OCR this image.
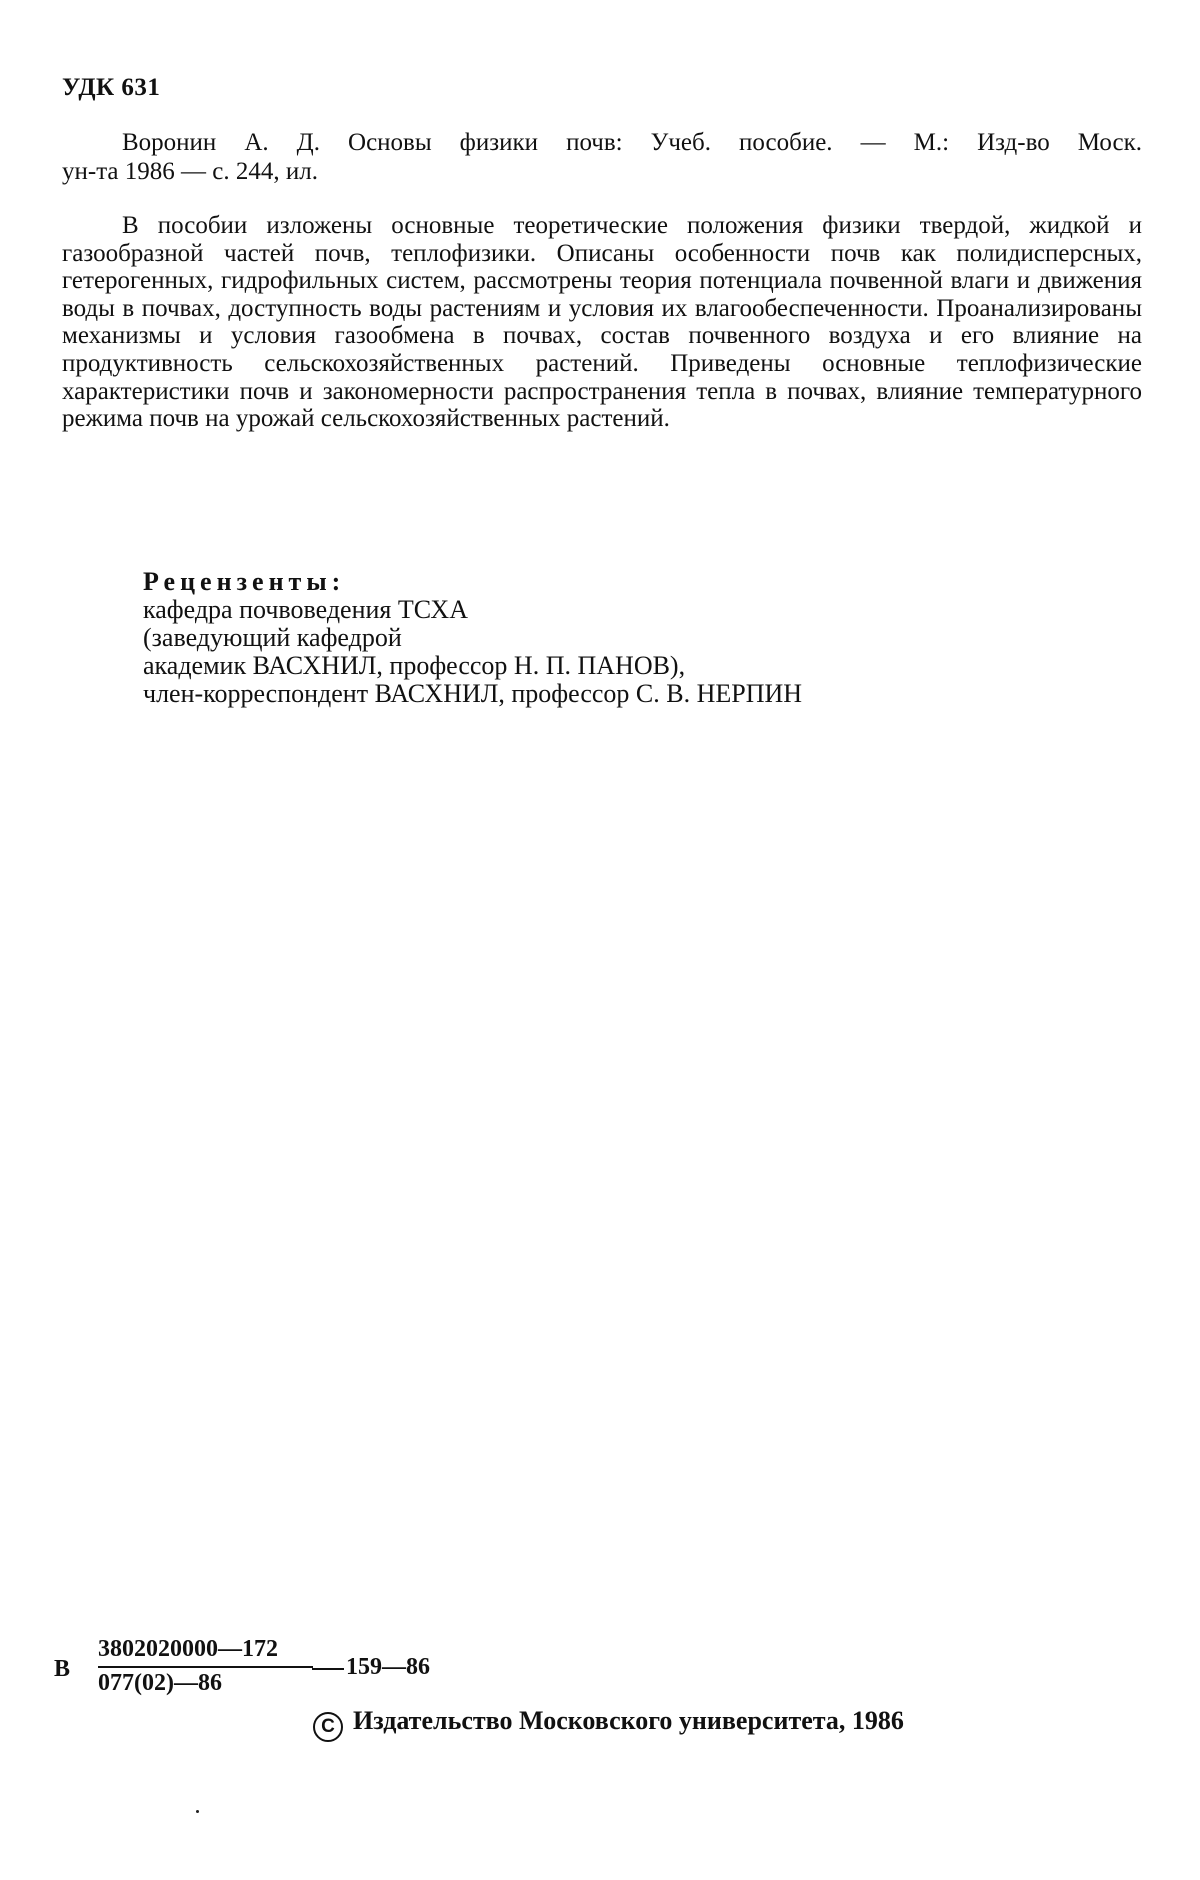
УДК 631
Воронин А. Д. Основы физики почв: Учеб. пособие. — М.: Изд-во Моск.
ун-та 1986 — с. 244, ил.

В пособии изложены основные теоретические положения физики твердой, жидкой и газообразной частей почв, теплофизики. Описаны особенности почв как полидисперсных, гетерогенных, гидрофильных систем, рассмотрены теория потенциала почвенной влаги и движения воды в почвах, доступность воды растениям и условия их влагообеспеченности. Проанализированы механизмы и условия газообмена в почвах, состав почвенного воздуха и его влияние на продуктивность сельскохозяйственных растений. Приведены основные теплофизические характеристики почв и закономерности распространения тепла в почвах, влияние температурного режима почв на урожай сельскохозяйственных растений.

Рецензенты:
кафедра почвоведения ТСХА
(заведующий кафедрой
академик ВАСХНИЛ, профессор Н. П. ПАНОВ),
член-корреспондент ВАСХНИЛ, профессор С. В. НЕРПИН
В $\frac{3802020000—172}{077(02)—86}$ 159—86
C Издательство Московского университета, 1986
